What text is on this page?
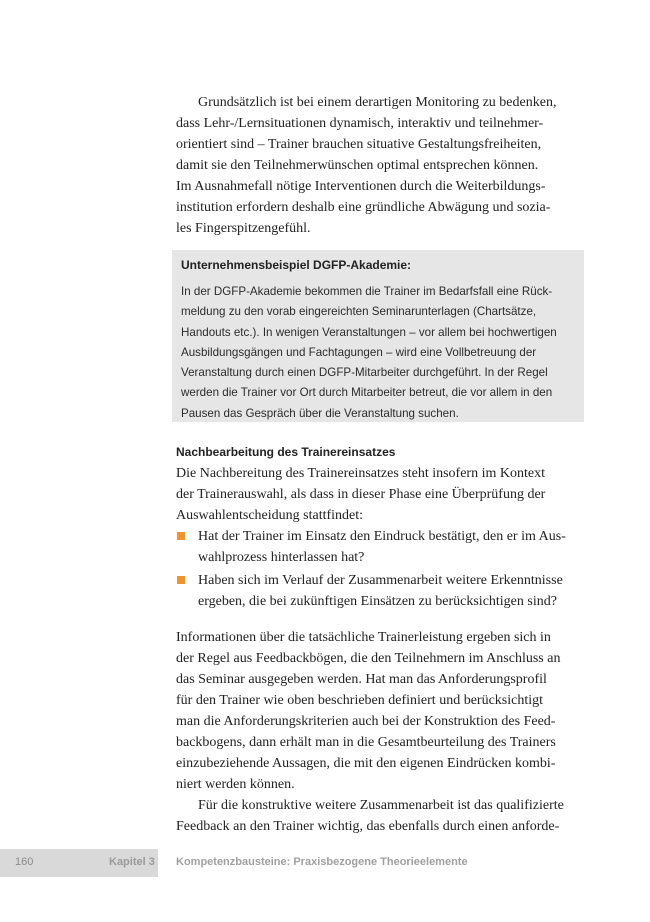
Grundsätzlich ist bei einem derartigen Monitoring zu bedenken,
dass Lehr-/Lernsituationen dynamisch, interaktiv und teilnehmer-
orientiert sind – Trainer brauchen situative Gestaltungsfreiheiten,
damit sie den Teilnehmerwünschen optimal entsprechen können.
Im Ausnahmefall nötige Interventionen durch die Weiterbildungs-
institution erfordern deshalb eine gründliche Abwägung und sozia-
les Fingerspitzengefühl.
Unternehmensbeispiel DGFP-Akademie:
In der DGFP-Akademie bekommen die Trainer im Bedarfsfall eine Rück-
meldung zu den vorab eingereichten Seminarunterlagen (Chartsätze,
Handouts etc.). In wenigen Veranstaltungen – vor allem bei hochwertigen
Ausbildungsgängen und Fachtagungen – wird eine Vollbetreuung der
Veranstaltung durch einen DGFP-Mitarbeiter durchgeführt. In der Regel
werden die Trainer vor Ort durch Mitarbeiter betreut, die vor allem in den
Pausen das Gespräch über die Veranstaltung suchen.
Nachbearbeitung des Trainereinsatzes
Die Nachbereitung des Trainereinsatzes steht insofern im Kontext
der Trainerauswahl, als dass in dieser Phase eine Überprüfung der
Auswahlentscheidung stattfindet:
Hat der Trainer im Einsatz den Eindruck bestätigt, den er im Aus-
wahlprozess hinterlassen hat?
Haben sich im Verlauf der Zusammenarbeit weitere Erkenntnisse
ergeben, die bei zukünftigen Einsätzen zu berücksichtigen sind?
Informationen über die tatsächliche Trainerleistung ergeben sich in
der Regel aus Feedbackbögen, die den Teilnehmern im Anschluss an
das Seminar ausgegeben werden. Hat man das Anforderungsprofil
für den Trainer wie oben beschrieben definiert und berücksichtigt
man die Anforderungskriterien auch bei der Konstruktion des Feed-
backbogens, dann erhält man in die Gesamtbeurteilung des Trainers
einzubeziehende Aussagen, die mit den eigenen Eindrücken kombi-
niert werden können.
Für die konstruktive weitere Zusammenarbeit ist das qualifizierte
Feedback an den Trainer wichtig, das ebenfalls durch einen anforde-
160	Kapitel 3 Kompetenzbausteine: Praxisbezogene Theorieelemente
